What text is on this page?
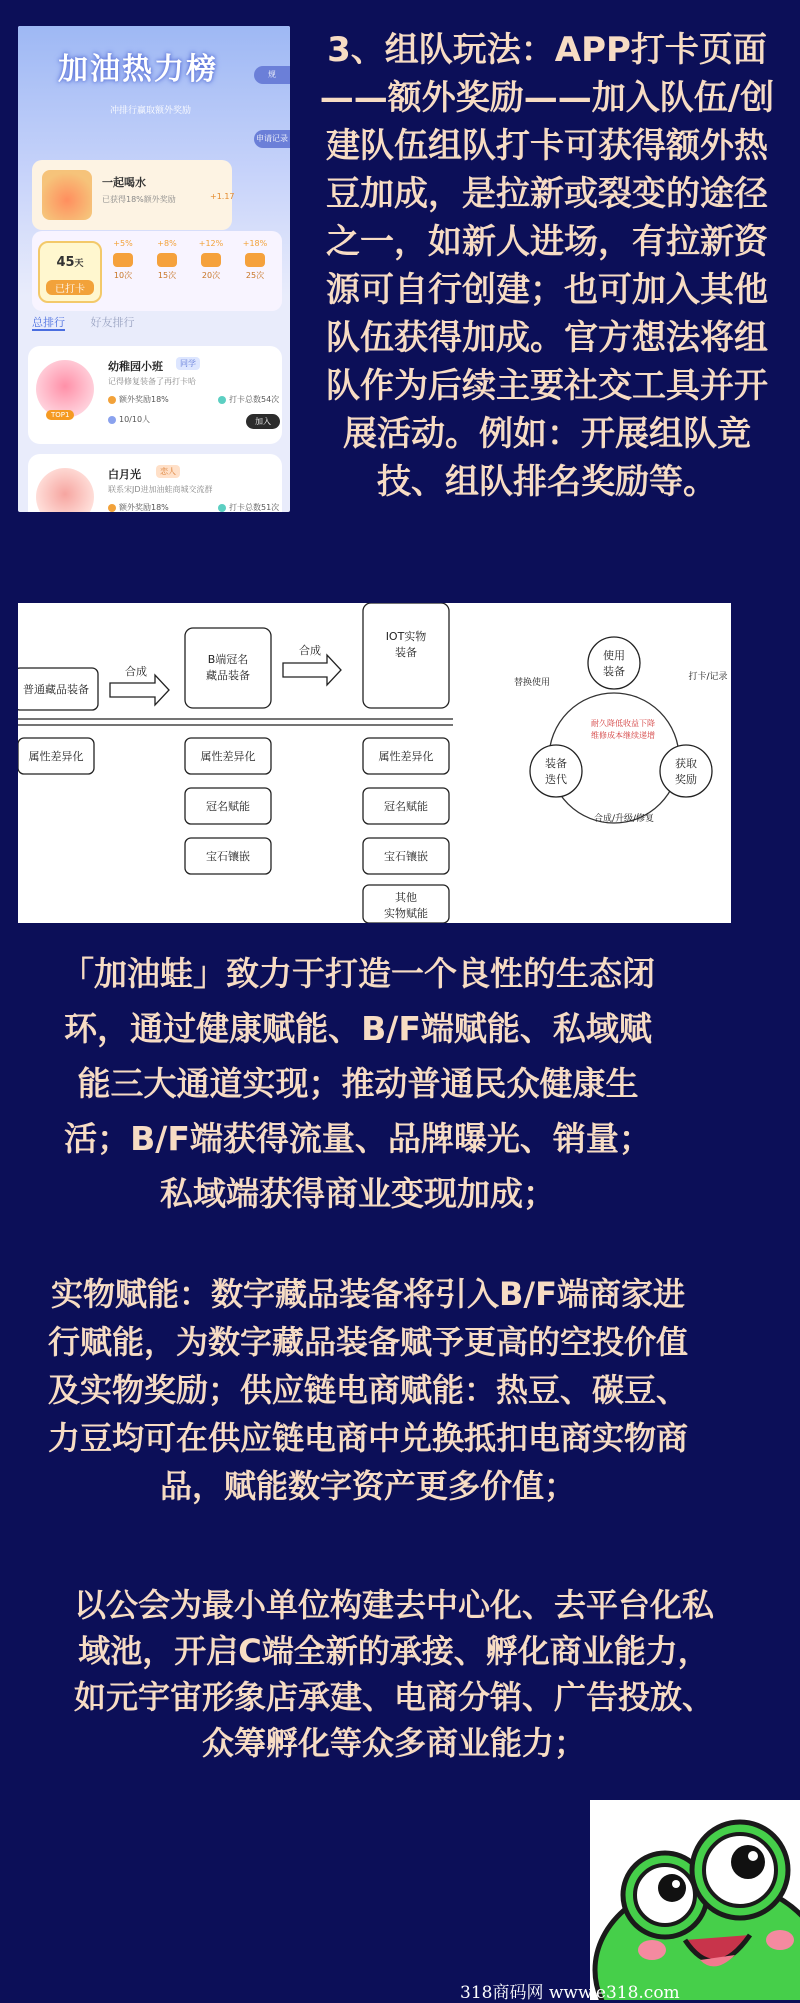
加油热力榜
冲排行赢取额外奖励
规
申请记录
一起喝水
已获得18%额外奖励	+1.17
45天
已打卡
+5%
10次
+8%
15次
+12%
20次
+18%
25次
总排行 好友排行
TOP1
幼稚园小班	同学
记得修复装备了再打卡哈
额外奖励18%	打卡总数54次
10/10人	加入
白月光	恋人
联系宋JD进加油蛙商城交流群
额外奖励18%	打卡总数51次
3、组队玩法：APP打卡页面——额外奖励——加入队伍/创建队伍组队打卡可获得额外热豆加成，是拉新或裂变的途径之一，如新人进场，有拉新资源可自行创建；也可加入其他队伍获得加成。官方想法将组队作为后续主要社交工具并开展活动。例如：开展组队竞技、组队排名奖励等。
普通藏品装备
合成
B端冠名
藏品装备
合成
IOT实物
装备
属性差异化	属性差异化
冠名赋能
宝石镶嵌
属性差异化
冠名赋能
宝石镶嵌
其他
实物赋能
使用
装备
获取
奖励
装备
迭代
替换使用
打卡/记录
合成/升级/修复
耐久降低收益下降
维修成本继续递增
「加油蛙」致力于打造一个良性的生态闭环，通过健康赋能、B/F端赋能、私域赋能三大通道实现；推动普通民众健康生活；B/F端获得流量、品牌曝光、销量；私域端获得商业变现加成；
实物赋能：数字藏品装备将引入B/F端商家进行赋能，为数字藏品装备赋予更高的空投价值及实物奖励；供应链电商赋能：热豆、碳豆、力豆均可在供应链电商中兑换抵扣电商实物商品，赋能数字资产更多价值；
以公会为最小单位构建去中心化、去平台化私域池，开启C端全新的承接、孵化商业能力，如元宇宙形象店承建、电商分销、广告投放、众筹孵化等众多商业能力；
318商码网 www.e318.com
